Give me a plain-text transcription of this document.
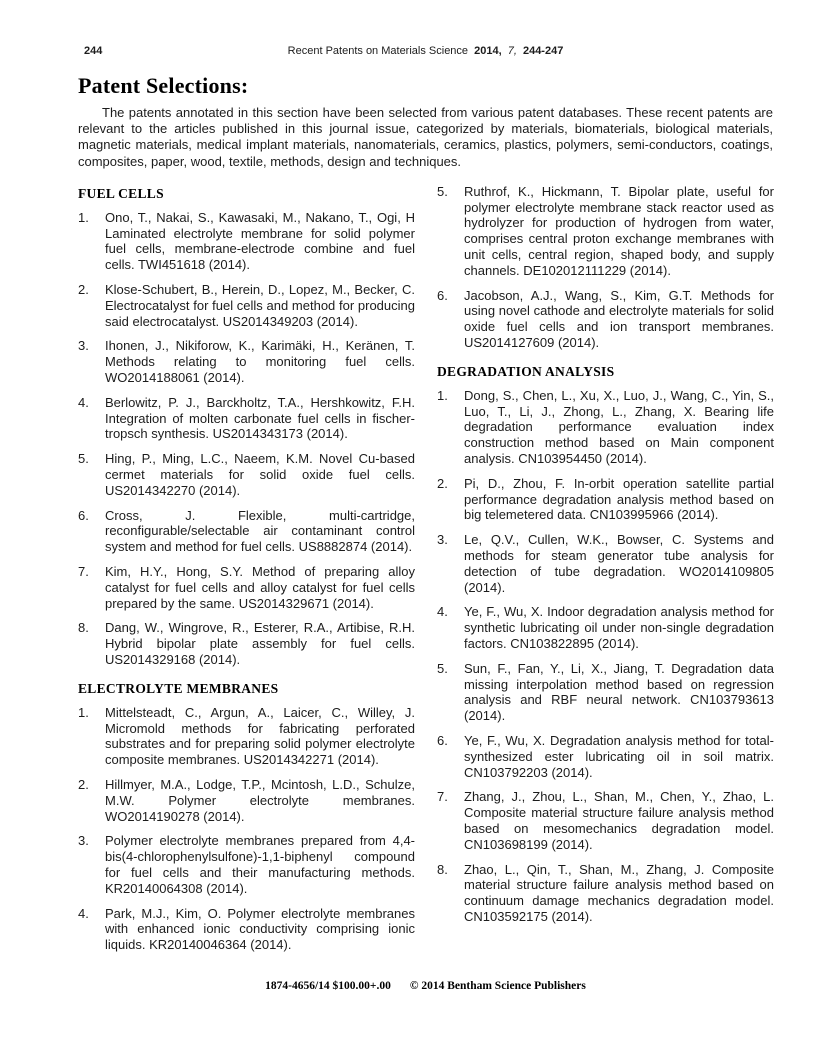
244	Recent Patents on Materials Science 2014, 7, 244-247
Patent Selections:

The patents annotated in this section have been selected from various patent databases. These recent patents are relevant to the articles published in this journal issue, categorized by materials, biomaterials, biological materials, magnetic materials, medical implant materials, nanomaterials, ceramics, plastics, polymers, semi-conductors, coatings, composites, paper, wood, textile, methods, design and techniques.

FUEL CELLS
1.	Ono, T., Nakai, S., Kawasaki, M., Nakano, T., Ogi, H Laminated electrolyte membrane for solid polymer fuel cells, membrane-electrode combine and fuel cells. TWI451618 (2014).
2.	Klose-Schubert, B., Herein, D., Lopez, M., Becker, C. Electrocatalyst for fuel cells and method for producing said electrocatalyst. US2014349203 (2014).
3.	Ihonen, J., Nikiforow, K., Karimäki, H., Keränen, T. Methods relating to monitoring fuel cells. WO2014188061 (2014).
4.	Berlowitz, P. J., Barckholtz, T.A., Hershkowitz, F.H. Integration of molten carbonate fuel cells in fischer-tropsch synthesis. US2014343173 (2014).
5.	Hing, P., Ming, L.C., Naeem, K.M. Novel Cu-based cermet materials for solid oxide fuel cells. US2014342270 (2014).
6.	Cross, J. Flexible, multi-cartridge, reconfigurable/selectable air contaminant control system and method for fuel cells. US8882874 (2014).
7.	Kim, H.Y., Hong, S.Y. Method of preparing alloy catalyst for fuel cells and alloy catalyst for fuel cells prepared by the same. US2014329671 (2014).
8.	Dang, W., Wingrove, R., Esterer, R.A., Artibise, R.H. Hybrid bipolar plate assembly for fuel cells. US2014329168 (2014).
ELECTROLYTE MEMBRANES
1.	Mittelsteadt, C., Argun, A., Laicer, C., Willey, J. Micromold methods for fabricating perforated substrates and for preparing solid polymer electrolyte composite membranes. US2014342271 (2014).
2.	Hillmyer, M.A., Lodge, T.P., Mcintosh, L.D., Schulze, M.W. Polymer electrolyte membranes. WO2014190278 (2014).
3.	Polymer electrolyte membranes prepared from 4,4-bis(4-chlorophenylsulfone)-1,1-biphenyl compound for fuel cells and their manufacturing methods. KR20140064308 (2014).
4.	Park, M.J., Kim, O. Polymer electrolyte membranes with enhanced ionic conductivity comprising ionic liquids. KR20140046364 (2014).
5.	Ruthrof, K., Hickmann, T. Bipolar plate, useful for polymer electrolyte membrane stack reactor used as hydrolyzer for production of hydrogen from water, comprises central proton exchange membranes with unit cells, central region, shaped body, and supply channels. DE102012111229 (2014).
6.	Jacobson, A.J., Wang, S., Kim, G.T. Methods for using novel cathode and electrolyte materials for solid oxide fuel cells and ion transport membranes. US2014127609 (2014).
DEGRADATION ANALYSIS
1.	Dong, S., Chen, L., Xu, X., Luo, J., Wang, C., Yin, S., Luo, T., Li, J., Zhong, L., Zhang, X. Bearing life degradation performance evaluation index construction method based on Main component analysis. CN103954450 (2014).
2.	Pi, D., Zhou, F. In-orbit operation satellite partial performance degradation analysis method based on big telemetered data. CN103995966 (2014).
3.	Le, Q.V., Cullen, W.K., Bowser, C. Systems and methods for steam generator tube analysis for detection of tube degradation. WO2014109805 (2014).
4.	Ye, F., Wu, X. Indoor degradation analysis method for synthetic lubricating oil under non-single degradation factors. CN103822895 (2014).
5.	Sun, F., Fan, Y., Li, X., Jiang, T. Degradation data missing interpolation method based on regression analysis and RBF neural network. CN103793613 (2014).
6.	Ye, F., Wu, X. Degradation analysis method for total-synthesized ester lubricating oil in soil matrix. CN103792203 (2014).
7.	Zhang, J., Zhou, L., Shan, M., Chen, Y., Zhao, L. Composite material structure failure analysis method based on mesomechanics degradation model. CN103698199 (2014).
8.	Zhao, L., Qin, T., Shan, M., Zhang, J. Composite material structure failure analysis method based on continuum damage mechanics degradation model. CN103592175 (2014).
1874-4656/14 $100.00+.00 © 2014 Bentham Science Publishers
